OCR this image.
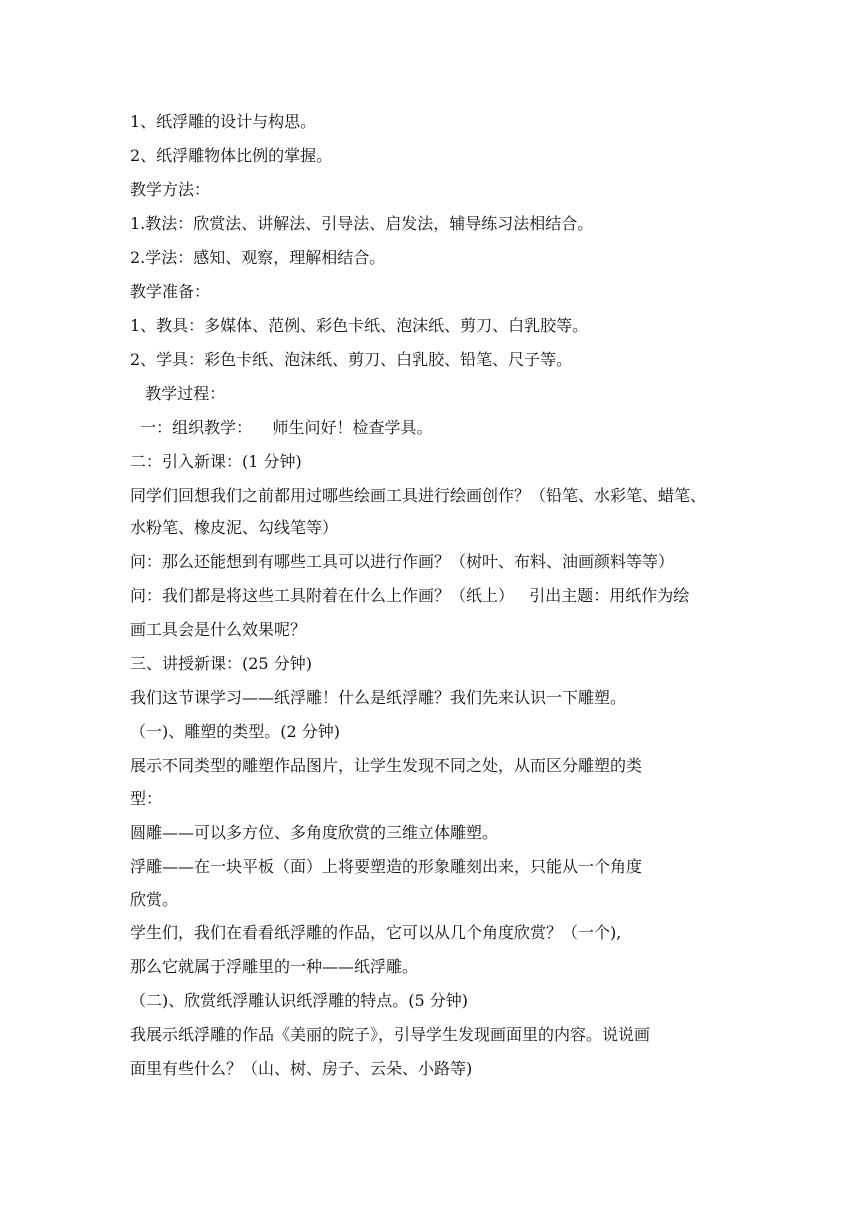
1、纸浮雕的设计与构思。
2、纸浮雕物体比例的掌握。
教学方法：
1.教法：欣赏法、讲解法、引导法、启发法，辅导练习法相结合。
2.学法：感知、观察，理解相结合。
教学准备：
1、教具：多媒体、范例、彩色卡纸、泡沫纸、剪刀、白乳胶等。
2、学具：彩色卡纸、泡沫纸、剪刀、白乳胶、铅笔、尺子等。
教学过程：
一：组织教学：    师生问好！检查学具。
二：引入新课：(1 分钟)
同学们回想我们之前都用过哪些绘画工具进行绘画创作？（铅笔、水彩笔、蜡笔、
水粉笔、橡皮泥、勾线笔等）
问：那么还能想到有哪些工具可以进行作画？（树叶、布料、油画颜料等等）
问：我们都是将这些工具附着在什么上作画？（纸上）   引出主题：用纸作为绘
画工具会是什么效果呢？
三、讲授新课：(25 分钟)
我们这节课学习——纸浮雕！什么是纸浮雕？我们先来认识一下雕塑。
（一)、雕塑的类型。(2 分钟)
展示不同类型的雕塑作品图片，让学生发现不同之处，从而区分雕塑的类
型：
圆雕——可以多方位、多角度欣赏的三维立体雕塑。
浮雕——在一块平板（面）上将要塑造的形象雕刻出来，只能从一个角度
欣赏。
学生们，我们在看看纸浮雕的作品，它可以从几个角度欣赏？（一个),
那么它就属于浮雕里的一种——纸浮雕。
（二)、欣赏纸浮雕认识纸浮雕的特点。(5 分钟)
我展示纸浮雕的作品《美丽的院子》，引导学生发现画面里的内容。说说画
面里有些什么？（山、树、房子、云朵、小路等)
